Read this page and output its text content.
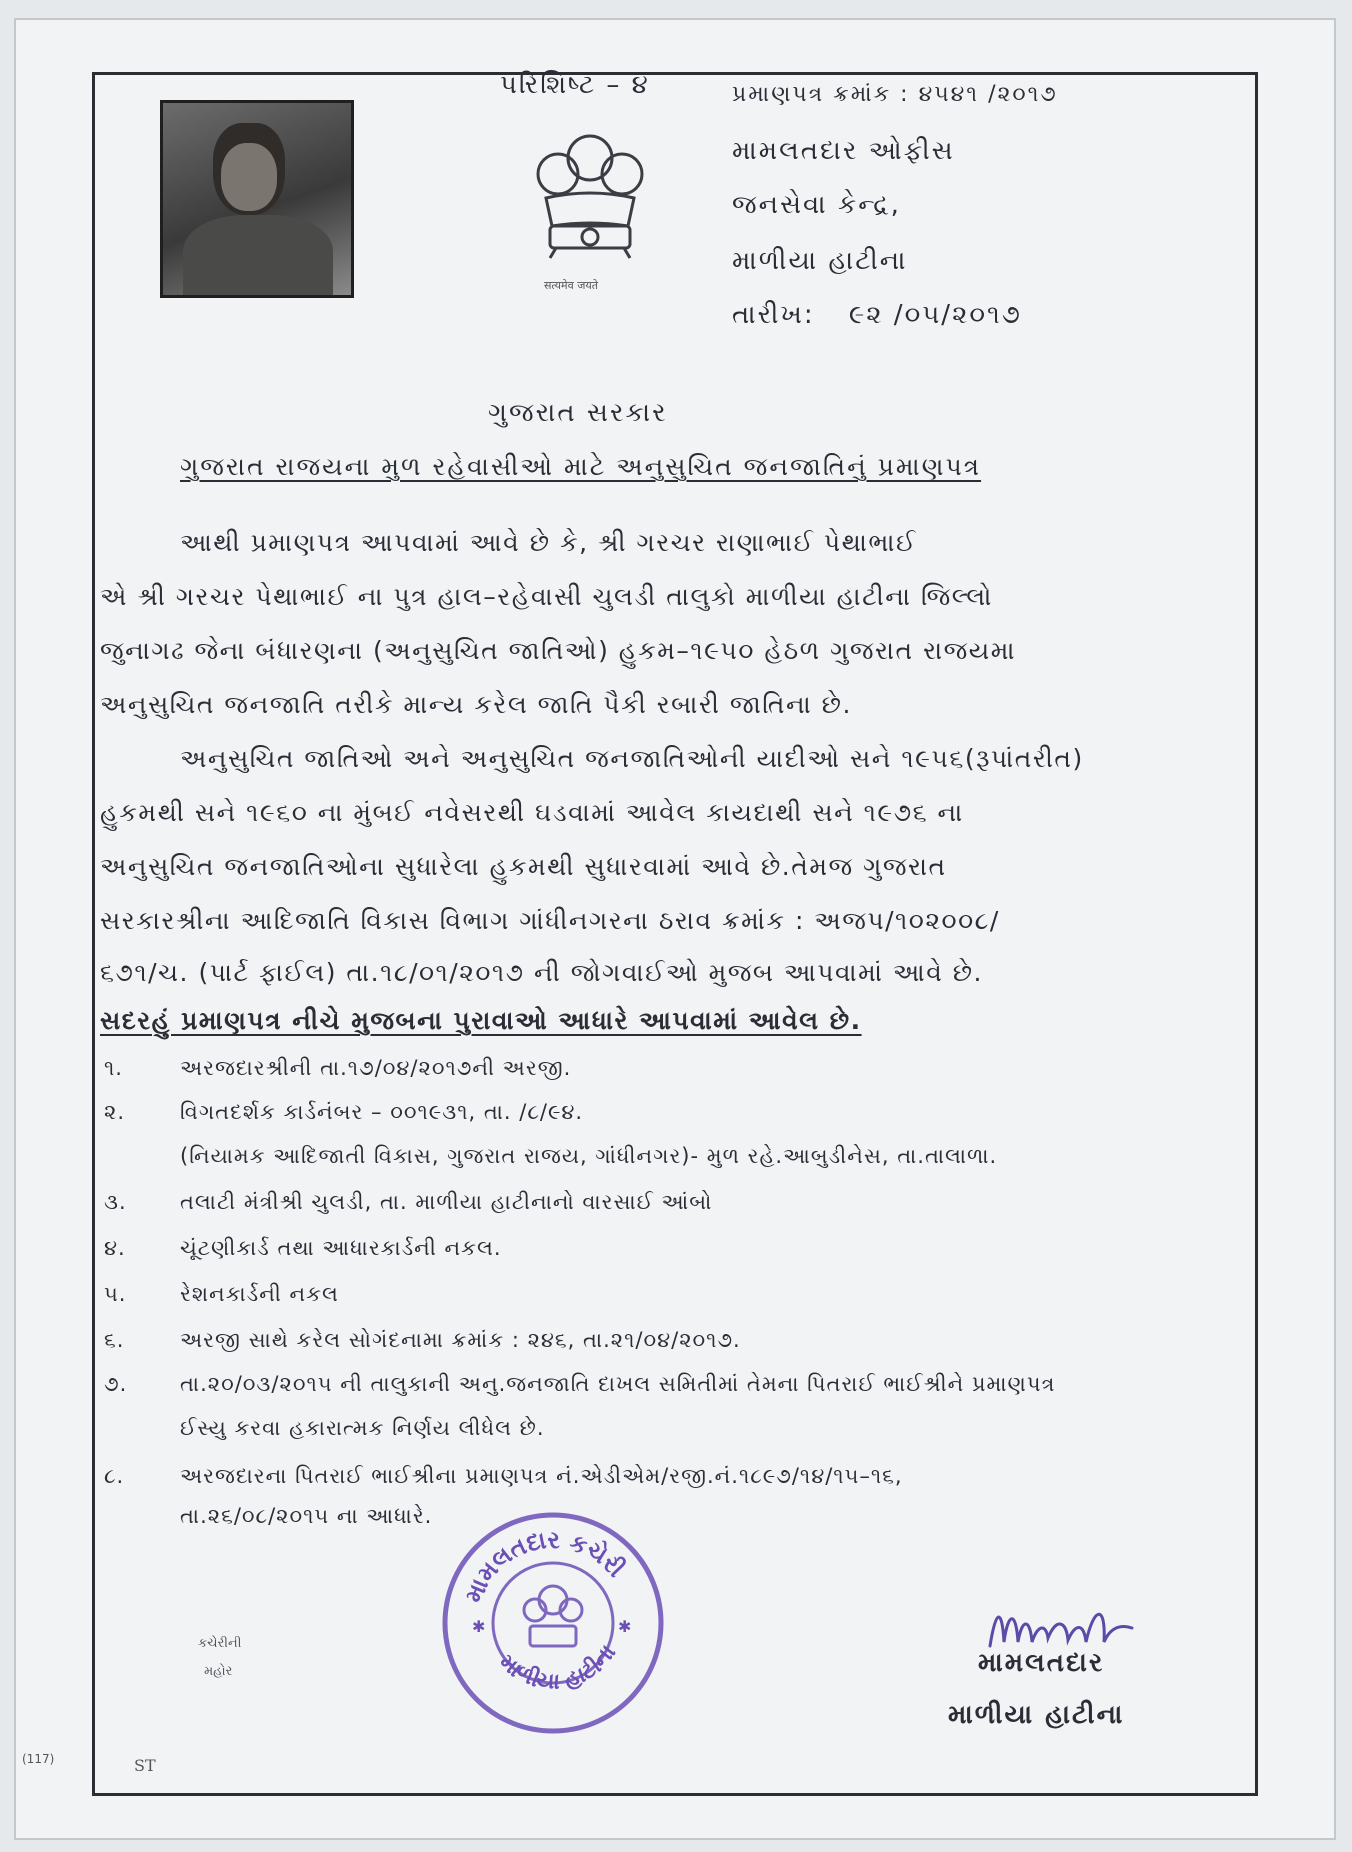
પરિશિષ્ટ – ૪
सत्यमेव जयते
પ્રમાણપત્ર ક્રમાંક : ૪૫૪૧ /૨૦૧૭
મામલતદાર ઓફીસ
જનસેવા કેન્દ્ર,
માળીયા હાટીના
તારીખ: ૯૨ /૦૫/૨૦૧૭
ગુજરાત સરકાર
ગુજરાત રાજયના મુળ રહેવાસીઓ માટે અનુસુચિત જનજાતિનું પ્રમાણપત્ર
આથી પ્રમાણપત્ર આપવામાં આવે છે કે, શ્રી ગરચર રાણાભાઈ પેથાભાઈ
એ શ્રી ગરચર પેથાભાઈ ના પુત્ર હાલ–રહેવાસી ચુલડી તાલુકો માળીયા હાટીના જિલ્લો
જુનાગઢ જેના બંધારણના (અનુસુચિત જાતિઓ) હુકમ–૧૯૫૦ હેઠળ ગુજરાત રાજયમા
અનુસુચિત જનજાતિ તરીકે માન્ય કરેલ જાતિ પૈકી રબારી જાતિના છે.
અનુસુચિત જાતિઓ અને અનુસુચિત જનજાતિઓની યાદીઓ સને ૧૯૫૬(રૂપાંતરીત)
હુકમથી સને ૧૯૬૦ ના મુંબઈ નવેસરથી ઘડવામાં આવેલ કાયદાથી સને ૧૯૭૬ ના
અનુસુચિત જનજાતિઓના સુધારેલા હુકમથી સુધારવામાં આવે છે.તેમજ ગુજરાત
સરકારશ્રીના આદિજાતિ વિકાસ વિભાગ ગાંધીનગરના ઠરાવ ક્રમાંક : અજપ/૧૦૨૦૦૮/
૬૭૧/ચ. (પાર્ટ ફાઈલ) તા.૧૮/૦૧/૨૦૧૭ ની જોગવાઈઓ મુજબ આપવામાં આવે છે.
સદરહું પ્રમાણપત્ર નીચે મુજબના પુરાવાઓ આધારે આપવામાં આવેલ છે.
૧.	અરજદારશ્રીની તા.૧૭/૦૪/૨૦૧૭ની અરજી.
૨.	વિગતદર્શક કાર્ડનંબર – ૦૦૧૯૩૧, તા. /૮/૯૪.
(નિયામક આદિજાતી વિકાસ, ગુજરાત રાજય, ગાંધીનગર)- મુળ રહે.આબુડીનેસ, તા.તાલાળા.
૩.	તલાટી મંત્રીશ્રી ચુલડી, તા. માળીયા હાટીનાનો વારસાઈ આંબો
૪.	ચૂંટણીકાર્ડ તથા આધારકાર્ડની નકલ.
૫.	રેશનકાર્ડની નકલ
૬.	અરજી સાથે કરેલ સોગંદનામા ક્રમાંક : ૨૪૬, તા.૨૧/૦૪/૨૦૧૭.
૭.	તા.૨૦/૦૩/૨૦૧૫ ની તાલુકાની અનુ.જનજાતિ દાખલ સમિતીમાં તેમના પિતરાઈ ભાઈશ્રીને પ્રમાણપત્ર
ઈસ્યુ કરવા હકારાત્મક નિર્ણય લીધેલ છે.
૮.	અરજદારના પિતરાઈ ભાઈશ્રીના પ્રમાણપત્ર નં.એડીએમ/રજી.નં.૧૮૯૭/૧૪/૧૫–૧૬,
તા.૨૬/૦૮/૨૦૧૫ ના આધારે.
મામલતદાર કચેરી
માળીયા હાટીના
✱	✱
કચેરીની
મહોર	મામલતદાર
માળીયા હાટીના
(117)	ST
